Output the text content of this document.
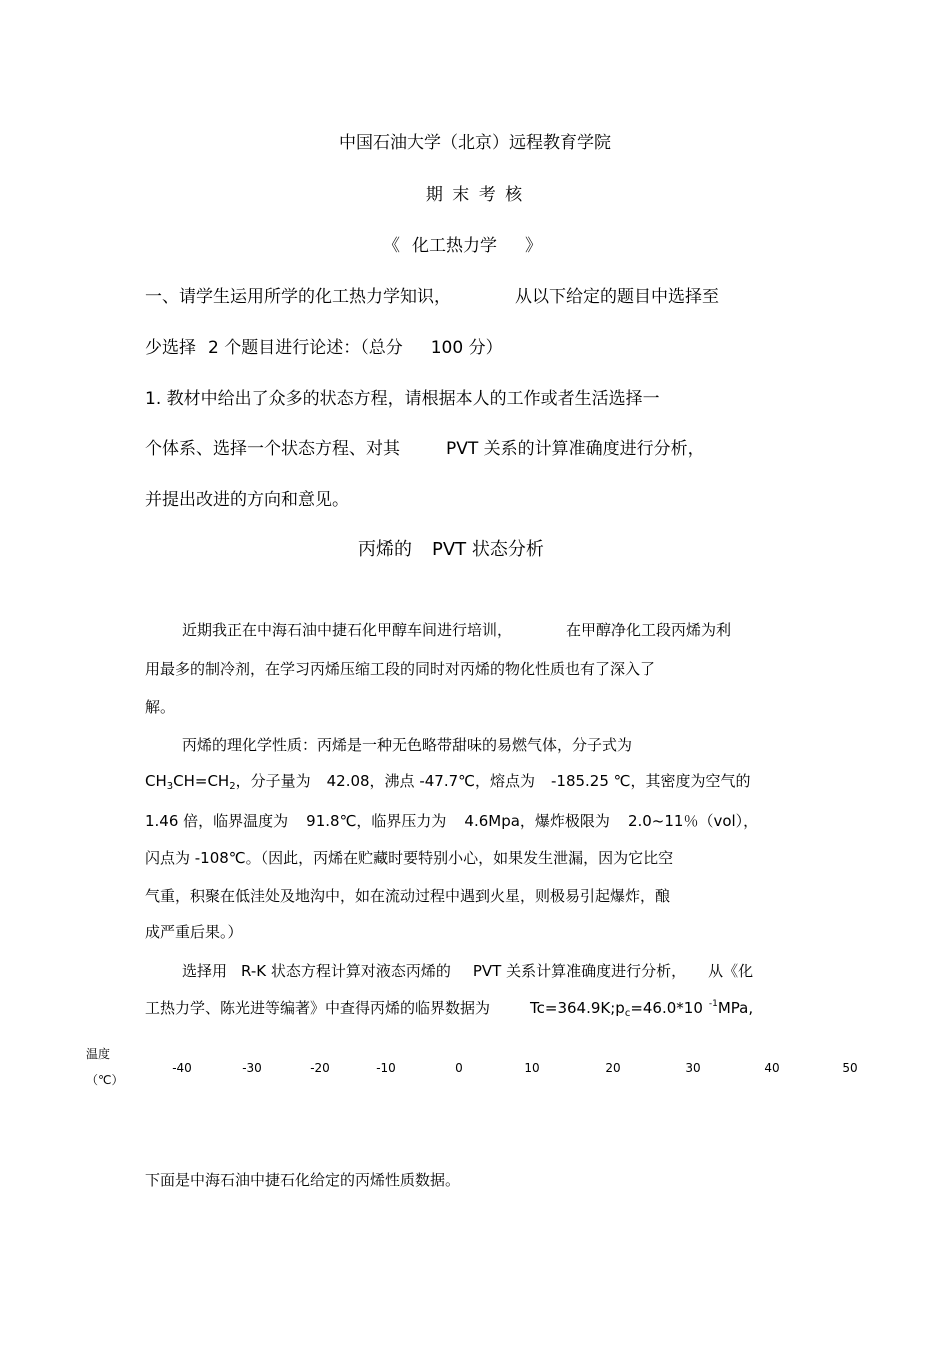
中国石油大学（北京）远程教育学院
期 末 考 核
《 化工热力学 》
一、请学生运用所学的化工热力学知识，	从以下给定的题目中选择至
少选择 2 个题目进行论述：（总分 100 分）
1. 教材中给出了众多的状态方程，请根据本人的工作或者生活选择一
个体系、选择一个状态方程、对其	PVT 关系的计算准确度进行分析，
并提出改进的方向和意见。
丙烯的 PVT 状态分析
近期我正在中海石油中捷石化甲醇车间进行培训，	在甲醇净化工段丙烯为利
用最多的制冷剂，在学习丙烯压缩工段的同时对丙烯的物化性质也有了深入了
解。
丙烯的理化学性质：丙烯是一种无色略带甜味的易燃气体，分子式为
$CH_3CH=CH_2$，分子量为 42.08，沸点 -47.7℃，熔点为 -185.25 ℃，其密度为空气的
1.46 倍，临界温度为 91.8℃，临界压力为 4.6Mpa，爆炸极限为 2.0~11％（vol），
闪点为 -108℃。（因此，丙烯在贮藏时要特别小心，如果发生泄漏，因为它比空
气重，积聚在低洼处及地沟中，如在流动过程中遇到火星，则极易引起爆炸，酿
成严重后果。）
选择用 R-K 状态方程计算对液态丙烯的 PVT 关系计算准确度进行分析， 从《化
工热力学、陈光进等编著》中查得丙烯的临界数据为	$Tc=364.9K;p_c=46.0*10$ $^{-1}$MPa,
温度
（℃）
-40	-30	-20	-10	0	10	20	30	40	50
下面是中海石油中捷石化给定的丙烯性质数据。
